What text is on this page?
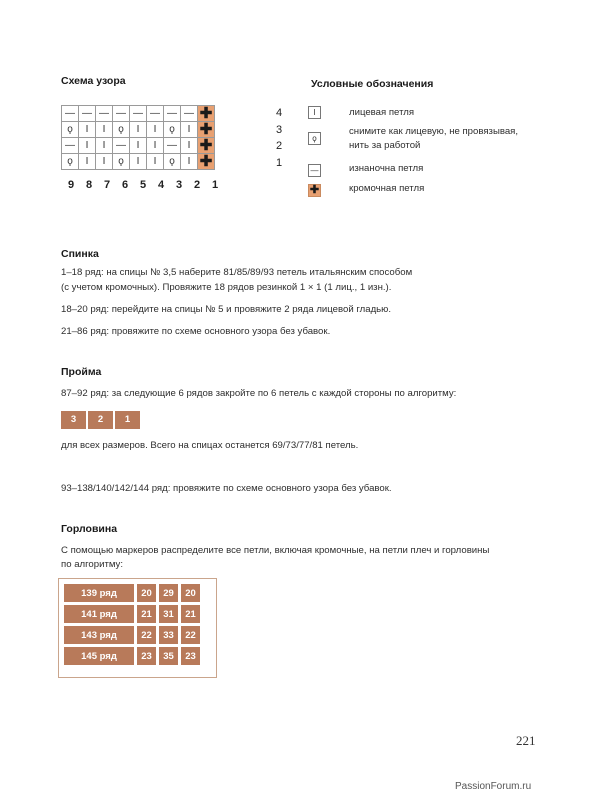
Схема узора
—	—	—	—	—	—	—	—	✚
ϙ	I	I	ϙ	I	I	ϙ	I	✚
—	I	I	—	I	I	—	I	✚
ϙ	I	I	ϙ	I	I	ϙ	I	✚
4
3
2
1
9 8 7 6 5 4 3 2 1
Условные обозначения
I	лицевая петля
ϙ
снимите как лицевую, не провязывая,
нить за работой
—	изнаночна петля
✚	кромочная петля
Спинка
1–18 ряд: на спицы № 3,5 наберите 81/85/89/93 петель итальянским способом
(с учетом кромочных). Провяжите 18 рядов резинкой 1 × 1 (1 лиц., 1 изн.).
18–20 ряд: перейдите на спицы № 5 и провяжите 2 ряда лицевой гладью.
21–86 ряд: провяжите по схеме основного узора без убавок.
Пройма
87–92 ряд: за следующие 6 рядов закройте по 6 петель с каждой стороны по алгоритму:
3	2	1
для всех размеров. Всего на спицах останется 69/73/77/81 петель.
93–138/140/142/144 ряд: провяжите по схеме основного узора без убавок.
Горловина
С помощью маркеров распределите все петли, включая кромочные, на петли плеч и горловины
по алгоритму:
139 ряд	20	29	20
141 ряд	21	31	21
143 ряд	22	33	22
145 ряд	23	35	23
221
PassionForum.ru
